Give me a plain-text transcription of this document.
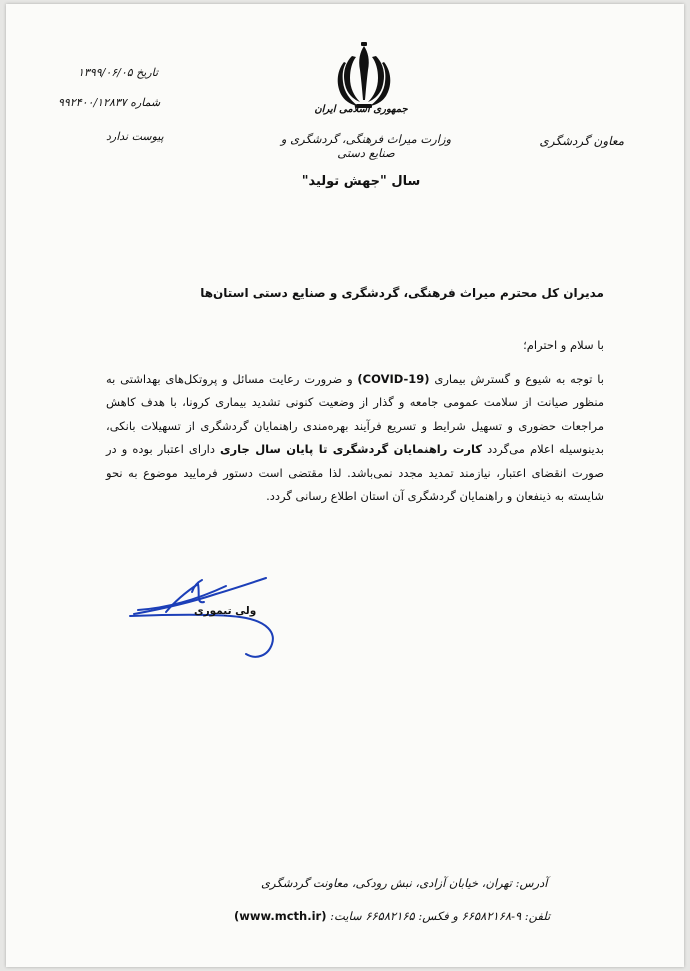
جمهوری اسلامی ایران
وزارت میراث فرهنگی، گردشگری و صنایع دستی
معاون گردشگری
تاریخ ۱۳۹۹/۰۶/۰۵
شماره ۹۹۲۴۰۰/۱۲۸۳۷
پیوست ندارد
سال "جهش تولید"
مدیران کل محترم میراث فرهنگی، گردشگری و صنایع دستی استان‌ها
با سلام و احترام؛
با توجه به شیوع و گسترش بیماری (COVID-19) و ضرورت رعایت مسائل و پروتکل‌های بهداشتی به منظور صیانت از سلامت عمومی جامعه و گذار از وضعیت کنونی تشدید بیماری کرونا، با هدف کاهش مراجعات حضوری و تسهیل شرایط و تسریع فرآیند بهره‌مندی راهنمایان گردشگری از تسهیلات بانکی، بدینوسیله اعلام می‌گردد کارت راهنمایان گردشگری تا پایان سال جاری دارای اعتبار بوده و در صورت انقضای اعتبار، نیازمند تمدید مجدد نمی‌باشد. لذا مقتضی است دستور فرمایید موضوع به نحو شایسته به ذینفعان و راهنمایان گردشگری آن استان اطلاع رسانی گردد.
ولی تیموری
آدرس: تهران، خیابان آزادی، نبش رودکی، معاونت گردشگری
تلفن: ۹-۶۶۵۸۲۱۶۸ و فکس: ۶۶۵۸۲۱۶۵ سایت: (www.mcth.ir)
